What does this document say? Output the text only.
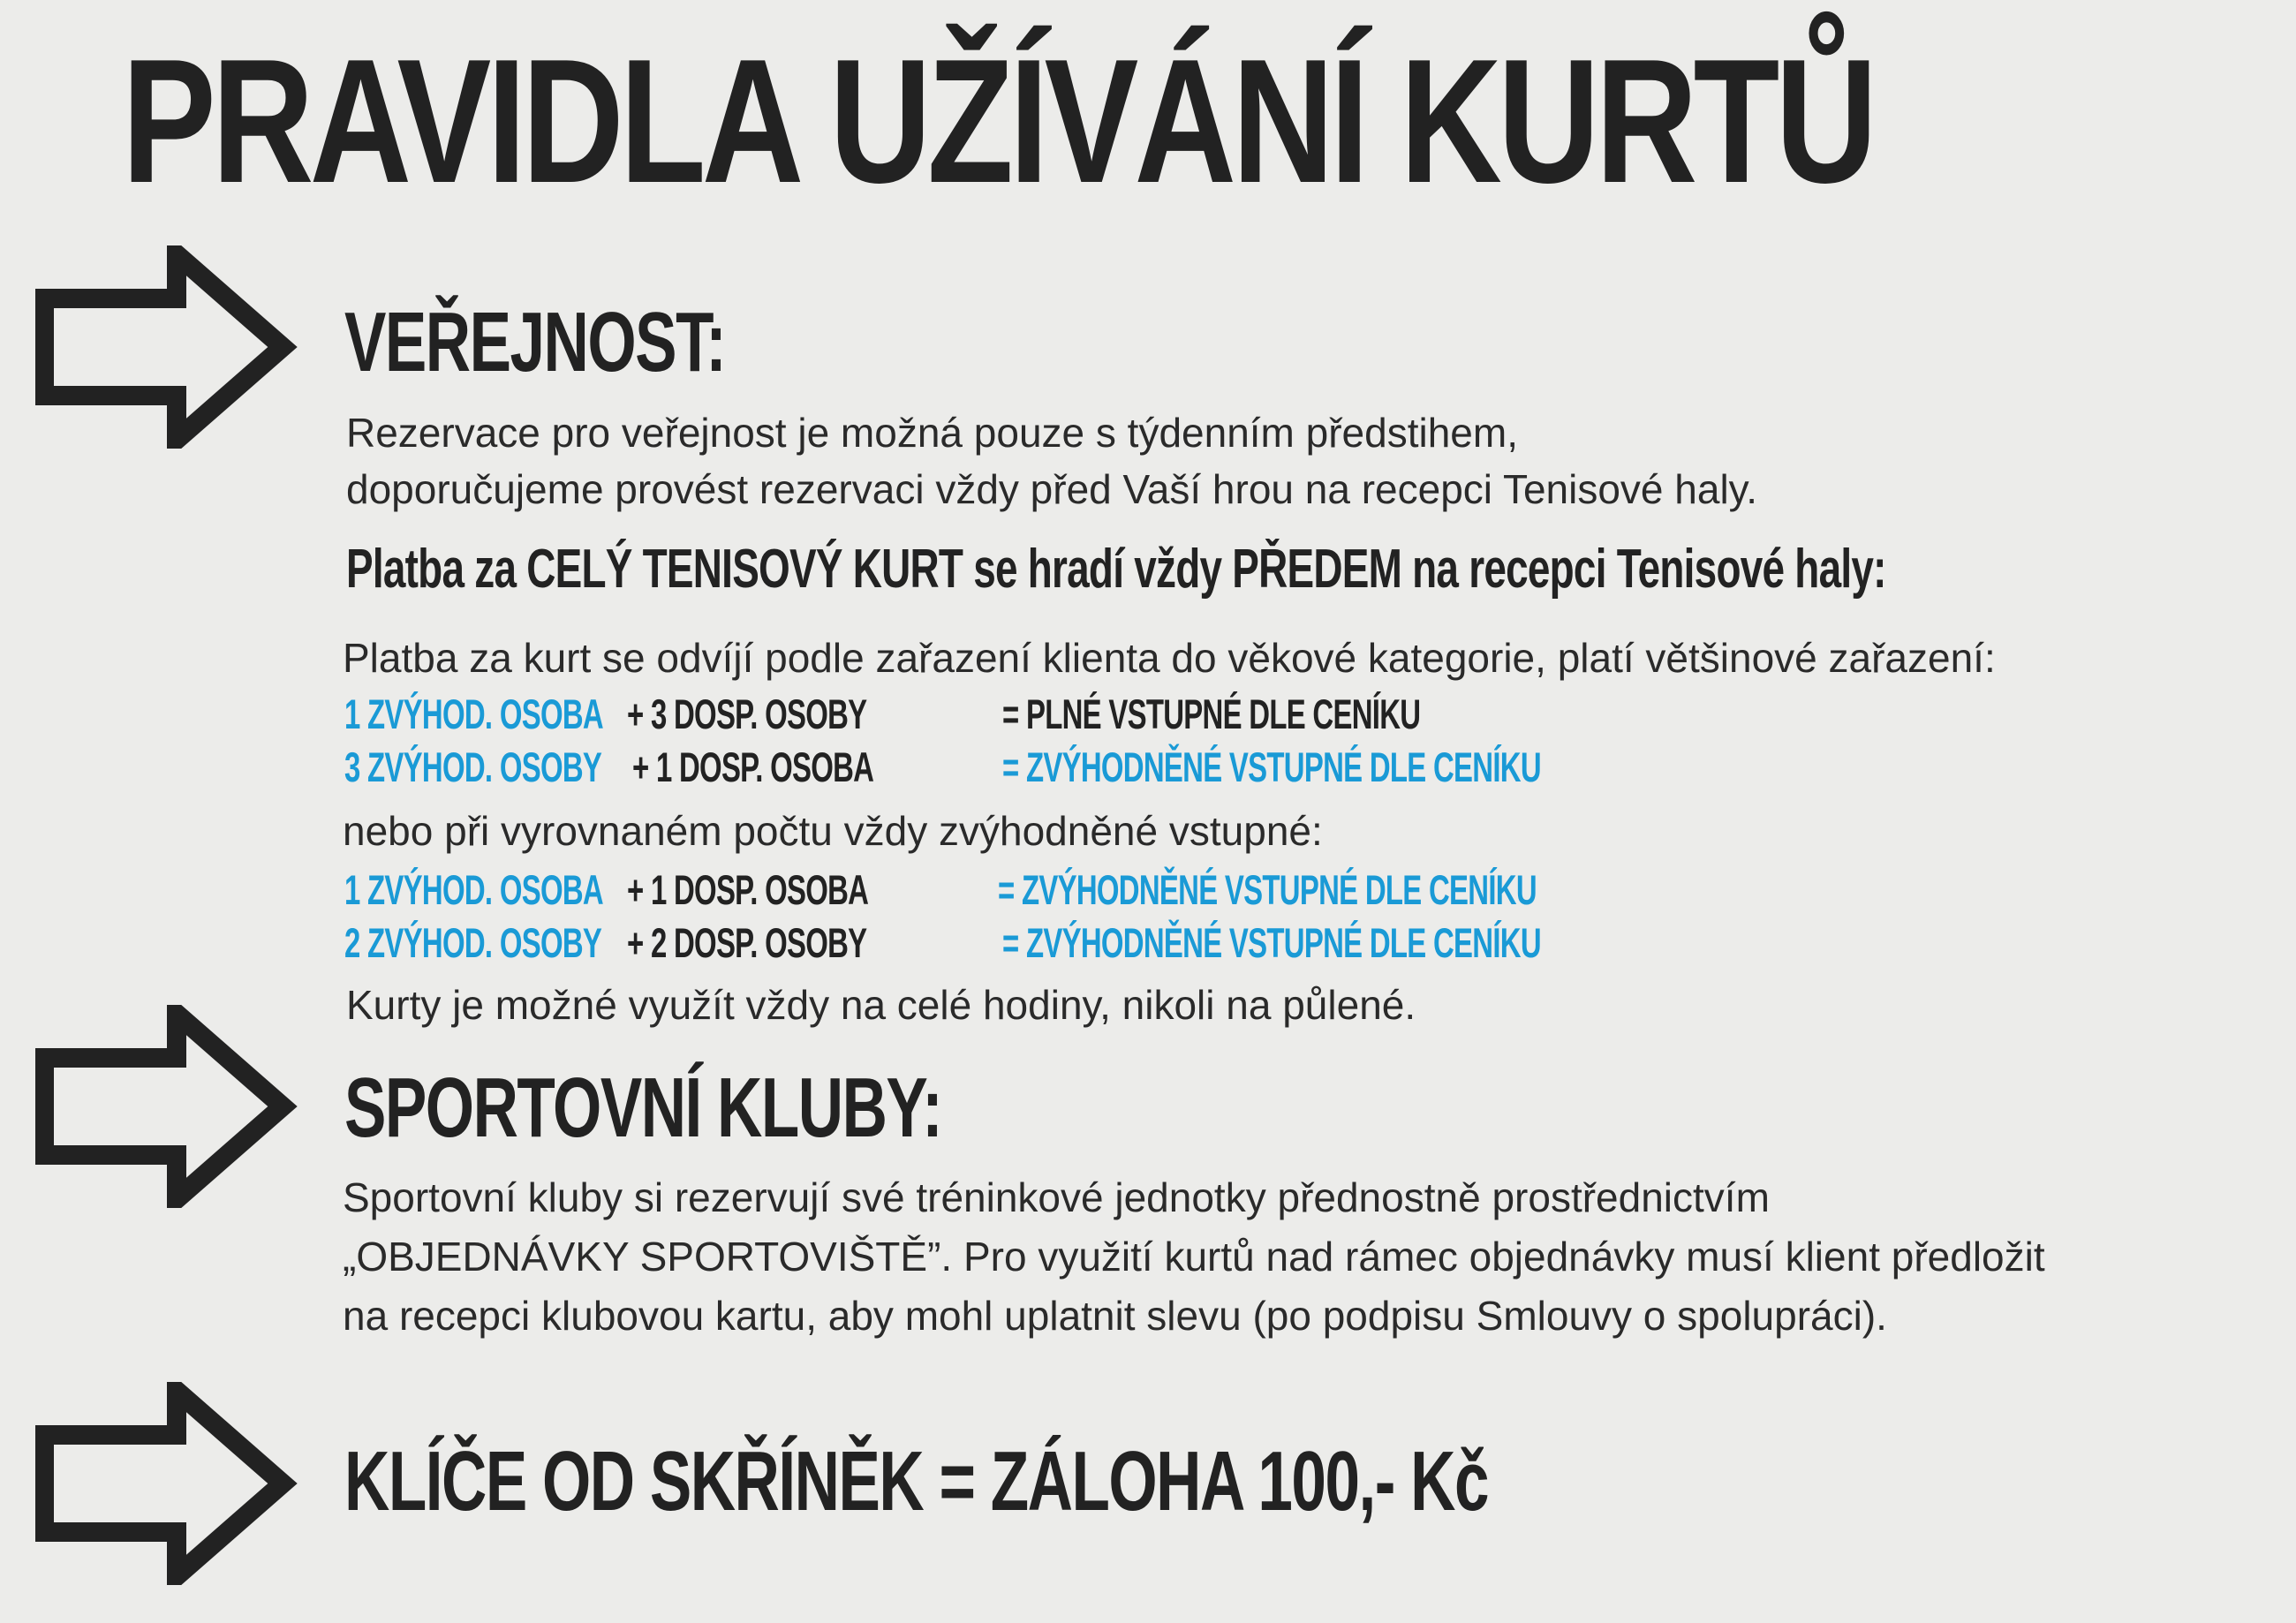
PRAVIDLA UŽÍVÁNÍ KURTŮ
VEŘEJNOST:
Rezervace pro veřejnost je možná pouze s týdenním předstihem,
doporučujeme provést rezervaci vždy před Vaší hrou na recepci Tenisové haly.
Platba za CELÝ TENISOVÝ KURT se hradí vždy PŘEDEM na recepci Tenisové haly:
Platba za kurt se odvíjí podle zařazení klienta do věkové kategorie, platí většinové zařazení:
1 ZVÝHOD. OSOBA + 3 DOSP. OSOBY	= PLNÉ VSTUPNÉ DLE CENÍKU
3 ZVÝHOD. OSOBY + 1 DOSP. OSOBA	= ZVÝHODNĚNÉ VSTUPNÉ DLE CENÍKU
nebo při vyrovnaném počtu vždy zvýhodněné vstupné:
1 ZVÝHOD. OSOBA + 1 DOSP. OSOBA	= ZVÝHODNĚNÉ VSTUPNÉ DLE CENÍKU
2 ZVÝHOD. OSOBY + 2 DOSP. OSOBY	= ZVÝHODNĚNÉ VSTUPNÉ DLE CENÍKU
Kurty je možné využít vždy na celé hodiny, nikoli na půlené.
SPORTOVNÍ KLUBY:
Sportovní kluby si rezervují své tréninkové jednotky přednostně prostřednictvím
„OBJEDNÁVKY SPORTOVIŠTĚ”. Pro využití kurtů nad rámec objednávky musí klient předložit
na recepci klubovou kartu, aby mohl uplatnit slevu (po podpisu Smlouvy o spolupráci).
KLÍČE OD SKŘÍNĚK = ZÁLOHA 100,- Kč
